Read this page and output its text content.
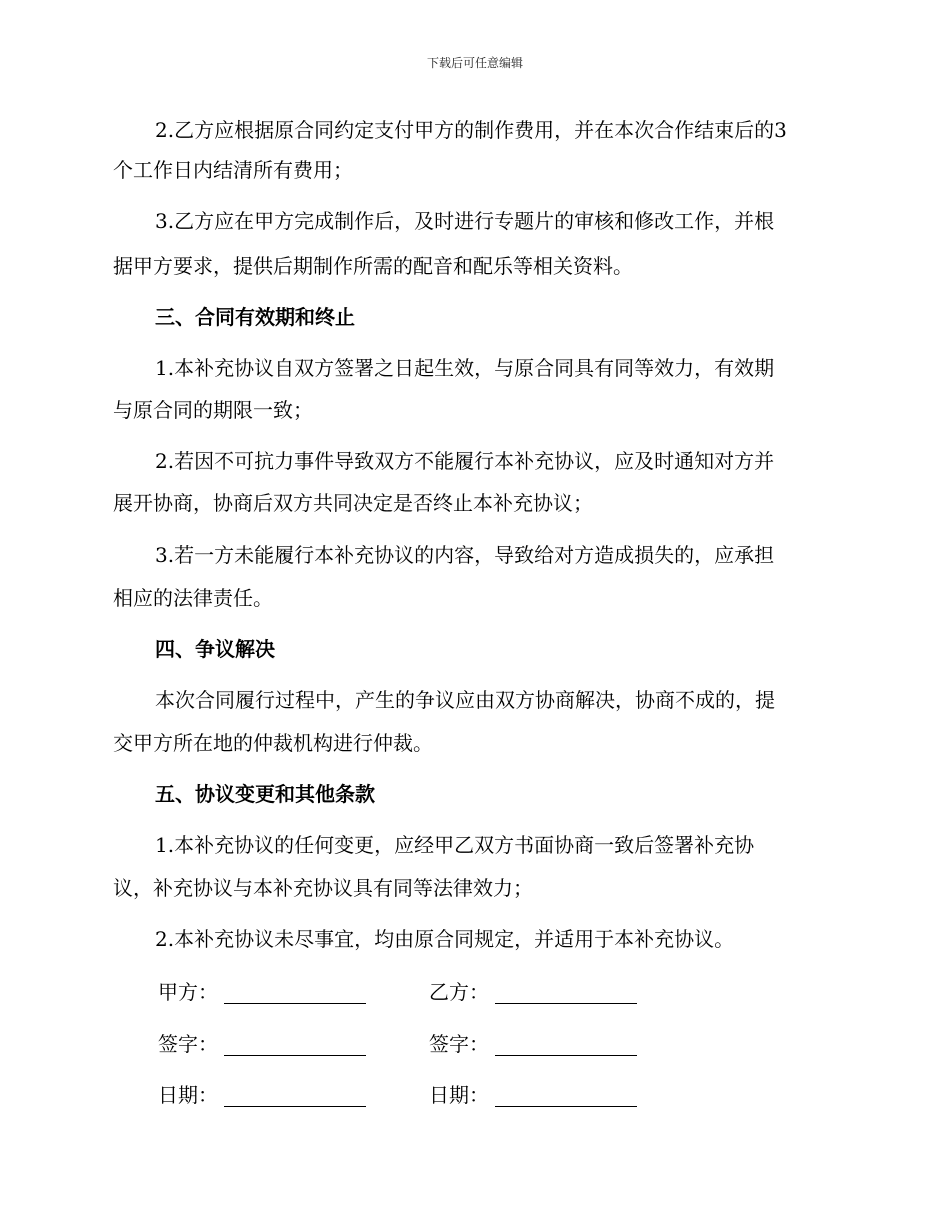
下载后可任意编辑
2.乙方应根据原合同约定支付甲方的制作费用，并在本次合作结束后的3
个工作日内结清所有费用；
3.乙方应在甲方完成制作后，及时进行专题片的审核和修改工作，并根
据甲方要求，提供后期制作所需的配音和配乐等相关资料。
三、合同有效期和终止
1.本补充协议自双方签署之日起生效，与原合同具有同等效力，有效期
与原合同的期限一致；
2.若因不可抗力事件导致双方不能履行本补充协议，应及时通知对方并
展开协商，协商后双方共同决定是否终止本补充协议；
3.若一方未能履行本补充协议的内容，导致给对方造成损失的，应承担
相应的法律责任。
四、争议解决
本次合同履行过程中，产生的争议应由双方协商解决，协商不成的，提
交甲方所在地的仲裁机构进行仲裁。
五、协议变更和其他条款
1.本补充协议的任何变更，应经甲乙双方书面协商一致后签署补充协
议，补充协议与本补充协议具有同等法律效力；
2.本补充协议未尽事宜，均由原合同规定，并适用于本补充协议。
甲方：	乙方：
签字：	签字：
日期：	日期：
